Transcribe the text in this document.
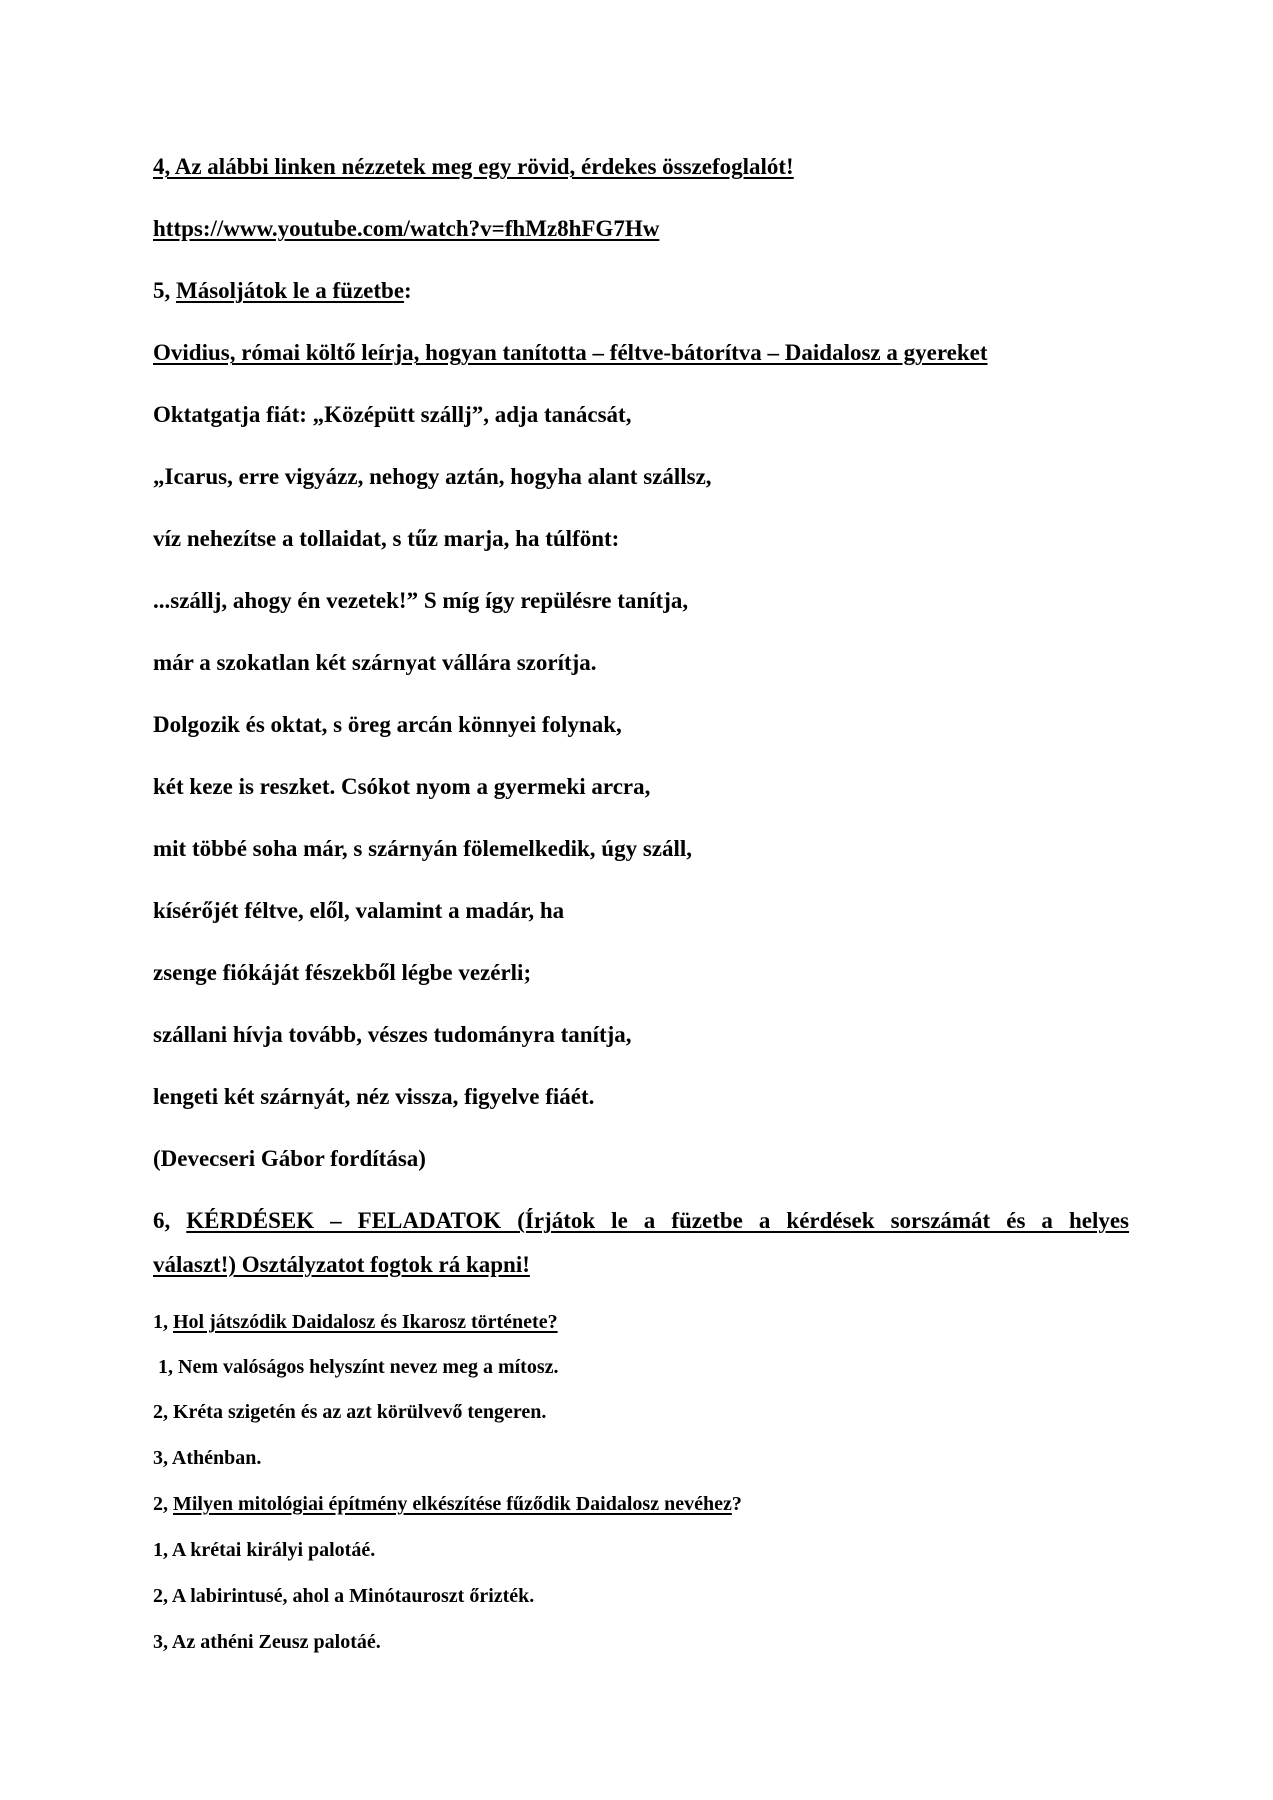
4, Az alábbi linken nézzetek meg egy rövid, érdekes összefoglalót!
https://www.youtube.com/watch?v=fhMz8hFG7Hw
5, Másoljátok le a füzetbe:
Ovidius, római költő leírja, hogyan tanította – féltve-bátorítva – Daidalosz a gyereket
Oktatgatja fiát: „Középütt szállj”, adja tanácsát,
„Icarus, erre vigyázz, nehogy aztán, hogyha alant szállsz,
víz nehezítse a tollaidat, s tűz marja, ha túlfönt:
...szállj, ahogy én vezetek!” S míg így repülésre tanítja,
már a szokatlan két szárnyat vállára szorítja.
Dolgozik és oktat, s öreg arcán könnyei folynak,
két keze is reszket. Csókot nyom a gyermeki arcra,
mit többé soha már, s szárnyán fölemelkedik, úgy száll,
kísérőjét féltve, elől, valamint a madár, ha
zsenge fiókáját fészekből légbe vezérli;
szállani hívja tovább, vészes tudományra tanítja,
lengeti két szárnyát, néz vissza, figyelve fiáét.
(Devecseri Gábor fordítása)
6, KÉRDÉSEK – FELADATOK (Írjátok le a füzetbe a kérdések sorszámát és a helyes
választ!) Osztályzatot fogtok rá kapni!
1, Hol játszódik Daidalosz és Ikarosz története?
1, Nem valóságos helyszínt nevez meg a mítosz.
2, Kréta szigetén és az azt körülvevő tengeren.
3, Athénban.
2, Milyen mitológiai építmény elkészítése fűződik Daidalosz nevéhez?
1, A krétai királyi palotáé.
2, A labirintusé, ahol a Minótauroszt őrizték.
3, Az athéni Zeusz palotáé.
